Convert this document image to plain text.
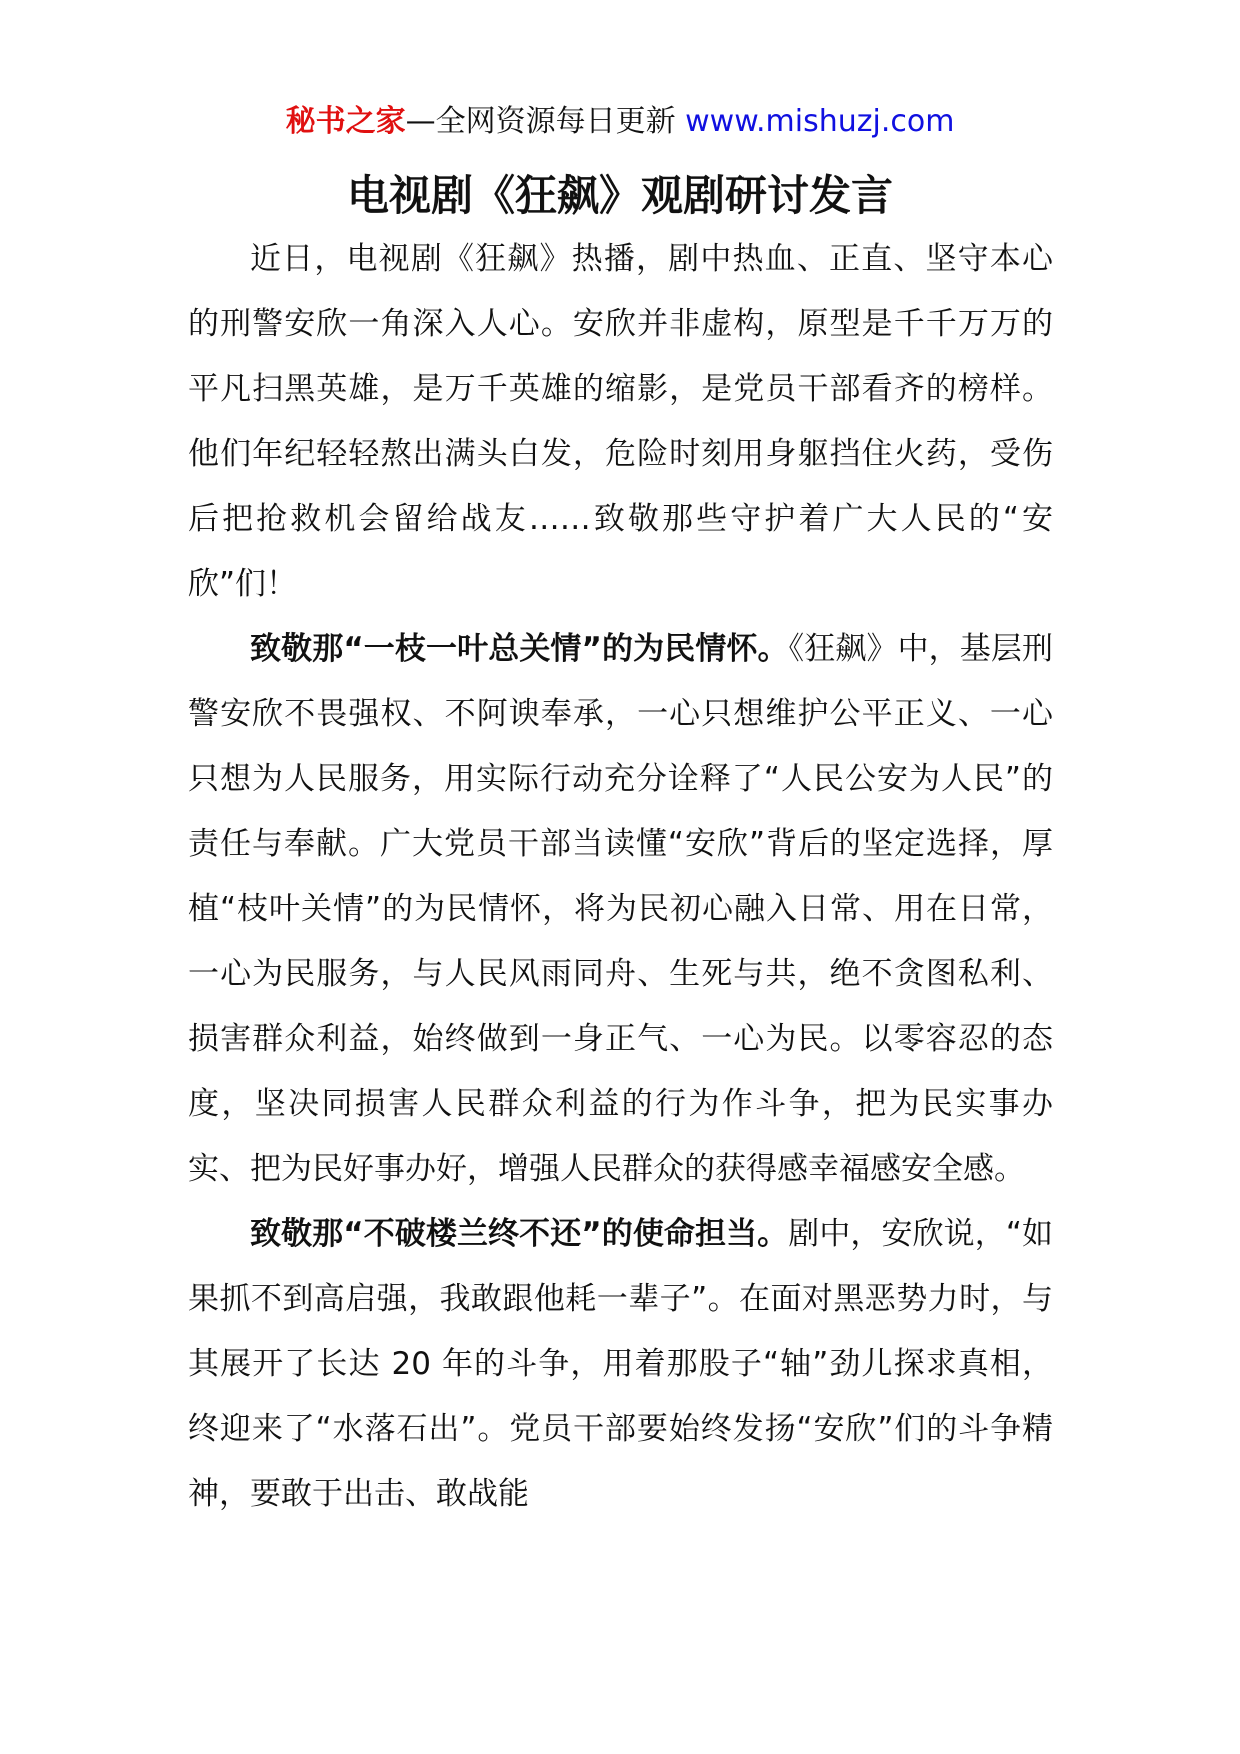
秘书之家—全网资源每日更新 www.mishuzj.com
电视剧《狂飙》观剧研讨发言

近日，电视剧《狂飙》热播，剧中热血、正直、坚守本心的刑警安欣一角深入人心。安欣并非虚构，原型是千千万万的平凡扫黑英雄，是万千英雄的缩影，是党员干部看齐的榜样。他们年纪轻轻熬出满头白发，危险时刻用身躯挡住火药，受伤后把抢救机会留给战友……致敬那些守护着广大人民的“安欣”们！

致敬那“一枝一叶总关情”的为民情怀。《狂飙》中，基层刑警安欣不畏强权、不阿谀奉承，一心只想维护公平正义、一心只想为人民服务，用实际行动充分诠释了“人民公安为人民”的责任与奉献。广大党员干部当读懂“安欣”背后的坚定选择，厚植“枝叶关情”的为民情怀，将为民初心融入日常、用在日常，一心为民服务，与人民风雨同舟、生死与共，绝不贪图私利、损害群众利益，始终做到一身正气、一心为民。以零容忍的态度，坚决同损害人民群众利益的行为作斗争，把为民实事办实、把为民好事办好，增强人民群众的获得感幸福感安全感。

致敬那“不破楼兰终不还”的使命担当。剧中，安欣说，“如果抓不到高启强，我敢跟他耗一辈子”。在面对黑恶势力时，与其展开了长达 20 年的斗争，用着那股子“轴”劲儿探求真相，终迎来了“水落石出”。党员干部要始终发扬“安欣”们的斗争精神，要敢于出击、敢战能
